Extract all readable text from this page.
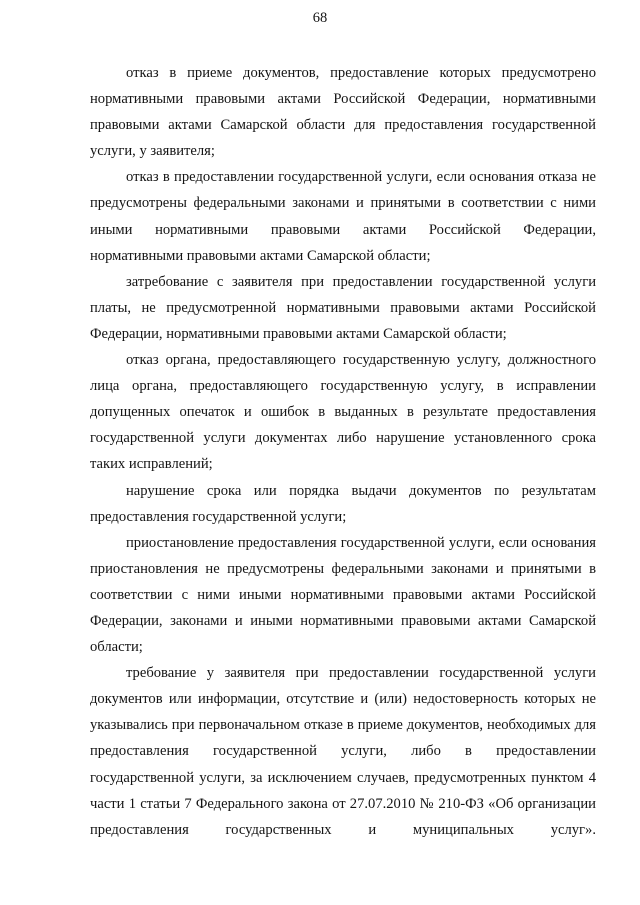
68

отказ в приеме документов, предоставление которых предусмотрено нормативными правовыми актами Российской Федерации, нормативными правовыми актами Самарской области для предоставления государственной услуги, у заявителя;

отказ в предоставлении государственной услуги, если основания отказа не предусмотрены федеральными законами и принятыми в соответствии с ними иными нормативными правовыми актами Российской Федерации, нормативными правовыми актами Самарской области;

затребование с заявителя при предоставлении государственной услуги платы, не предусмотренной нормативными правовыми актами Российской Федерации, нормативными правовыми актами Самарской области;

отказ органа, предоставляющего государственную услугу, должностного лица органа, предоставляющего государственную услугу, в исправлении допущенных опечаток и ошибок в выданных в результате предоставления государственной услуги документах либо нарушение установленного срока таких исправлений;

нарушение срока или порядка выдачи документов по результатам предоставления государственной услуги;

приостановление предоставления государственной услуги, если основания приостановления не предусмотрены федеральными законами и принятыми в соответствии с ними иными нормативными правовыми актами Российской Федерации, законами и иными нормативными правовыми актами Самарской области;

требование у заявителя при предоставлении государственной услуги документов или информации, отсутствие и (или) недостоверность которых не указывались при первоначальном отказе в приеме документов, необходимых для предоставления государственной услуги, либо в предоставлении государственной услуги, за исключением случаев, предусмотренных пунктом 4 части 1 статьи 7 Федерального закона от 27.07.2010 № 210-ФЗ «Об организации предоставления государственных и муниципальных услуг».
